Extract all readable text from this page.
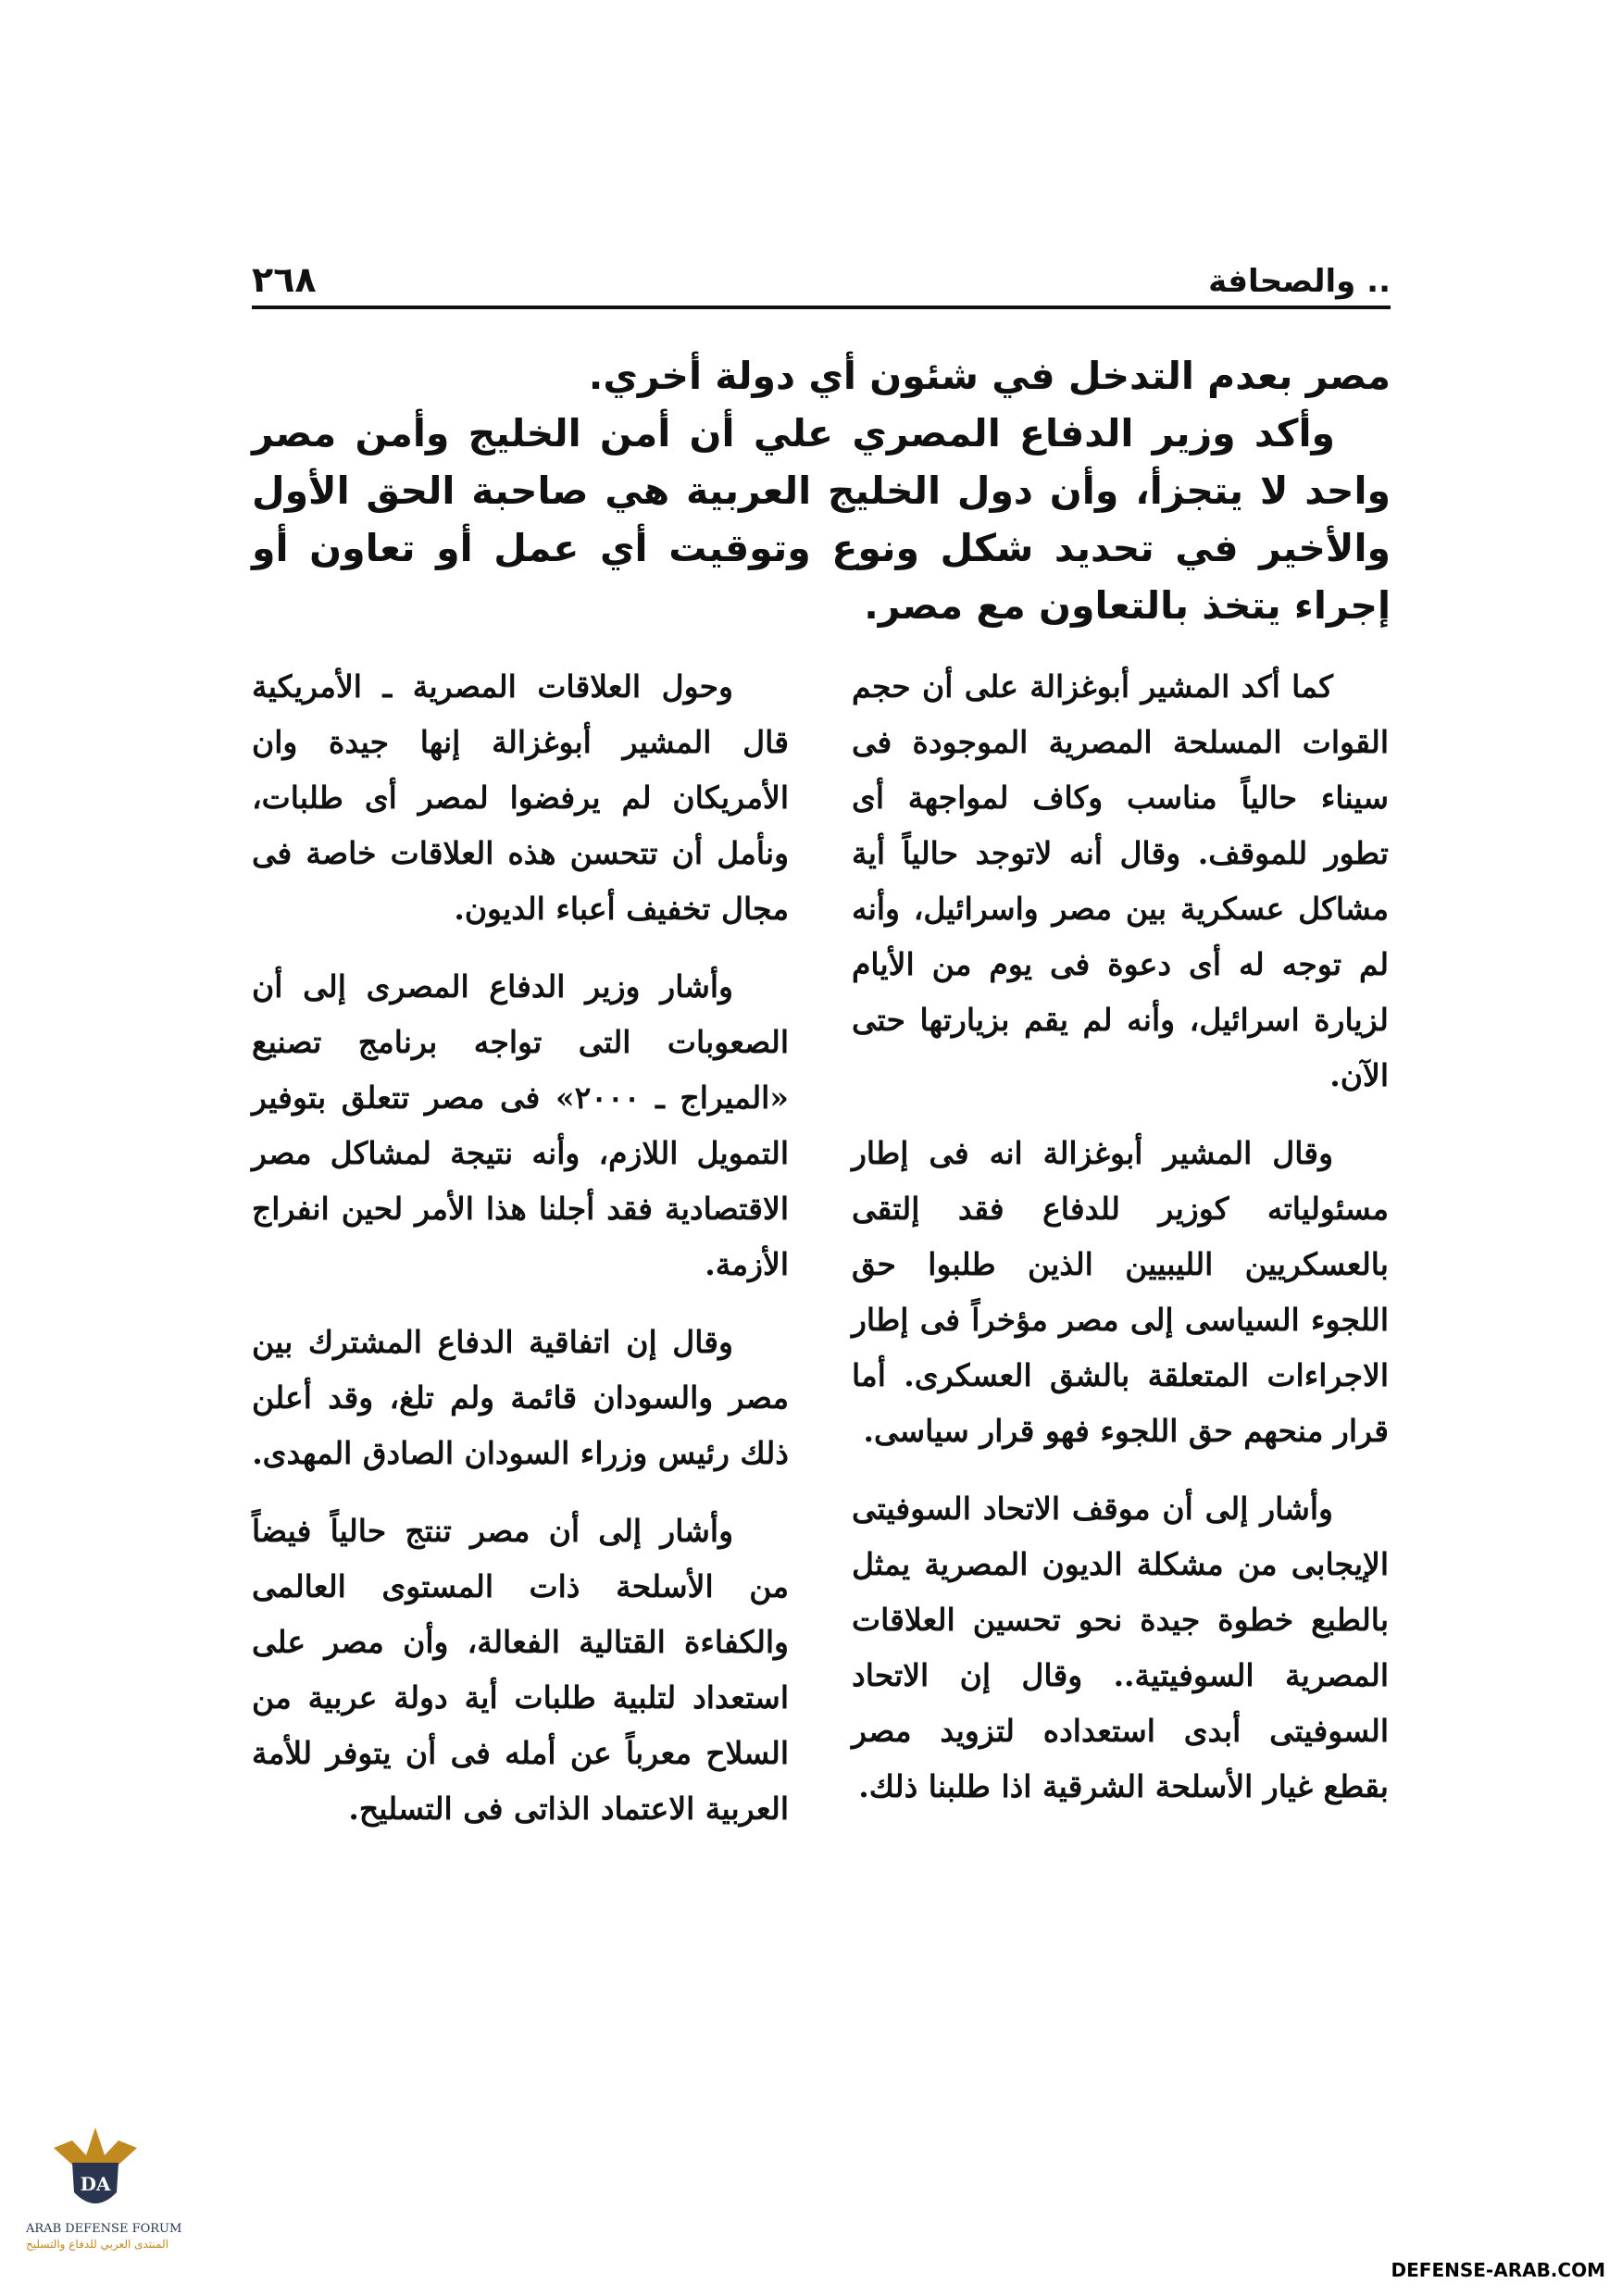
٢٦٨	.. والصحافة

مصر بعدم التدخل في شئون أي دولة أخري.

وأكد وزير الدفاع المصري علي أن أمن الخليج وأمن مصر واحد لا يتجزأ، وأن دول الخليج العربية هي صاحبة الحق الأول والأخير في تحديد شكل ونوع وتوقيت أي عمل أو تعاون أو إجراء يتخذ بالتعاون مع مصر.

كما أكد المشير أبوغزالة على أن حجم القوات المسلحة المصرية الموجودة فى سيناء حالياً مناسب وكاف لمواجهة أى تطور للموقف. وقال أنه لاتوجد حالياً أية مشاكل عسكرية بين مصر واسرائيل، وأنه لم توجه له أى دعوة فى يوم من الأيام لزيارة اسرائيل، وأنه لم يقم بزيارتها حتى الآن.

وقال المشير أبوغزالة انه فى إطار مسئولياته كوزير للدفاع فقد إلتقى بالعسكريين الليبيين الذين طلبوا حق اللجوء السياسى إلى مصر مؤخراً فى إطار الاجراءات المتعلقة بالشق العسكرى. أما قرار منحهم حق اللجوء فهو قرار سياسى.

وأشار إلى أن موقف الاتحاد السوفيتى الإيجابى من مشكلة الديون المصرية يمثل بالطبع خطوة جيدة نحو تحسين العلاقات المصرية السوفيتية.. وقال إن الاتحاد السوفيتى أبدى استعداده لتزويد مصر بقطع غيار الأسلحة الشرقية اذا طلبنا ذلك.

وحول العلاقات المصرية ـ الأمريكية قال المشير أبوغزالة إنها جيدة وان الأمريكان لم يرفضوا لمصر أى طلبات، ونأمل أن تتحسن هذه العلاقات خاصة فى مجال تخفيف أعباء الديون.

وأشار وزير الدفاع المصرى إلى أن الصعوبات التى تواجه برنامج تصنيع «الميراج ـ ٢٠٠٠» فى مصر تتعلق بتوفير التمويل اللازم، وأنه نتيجة لمشاكل مصر الاقتصادية فقد أجلنا هذا الأمر لحين انفراج الأزمة.

وقال إن اتفاقية الدفاع المشترك بين مصر والسودان قائمة ولم تلغ، وقد أعلن ذلك رئيس وزراء السودان الصادق المهدى.

وأشار إلى أن مصر تنتج حالياً فيضاً من الأسلحة ذات المستوى العالمى والكفاءة القتالية الفعالة، وأن مصر على استعداد لتلبية طلبات أية دولة عربية من السلاح معرباً عن أمله فى أن يتوفر للأمة العربية الاعتماد الذاتى فى التسليح.

DA
ARAB DEFENSE FORUM
المنتدى العربي للدفاع والتسليح
DEFENSE-ARAB.COM
